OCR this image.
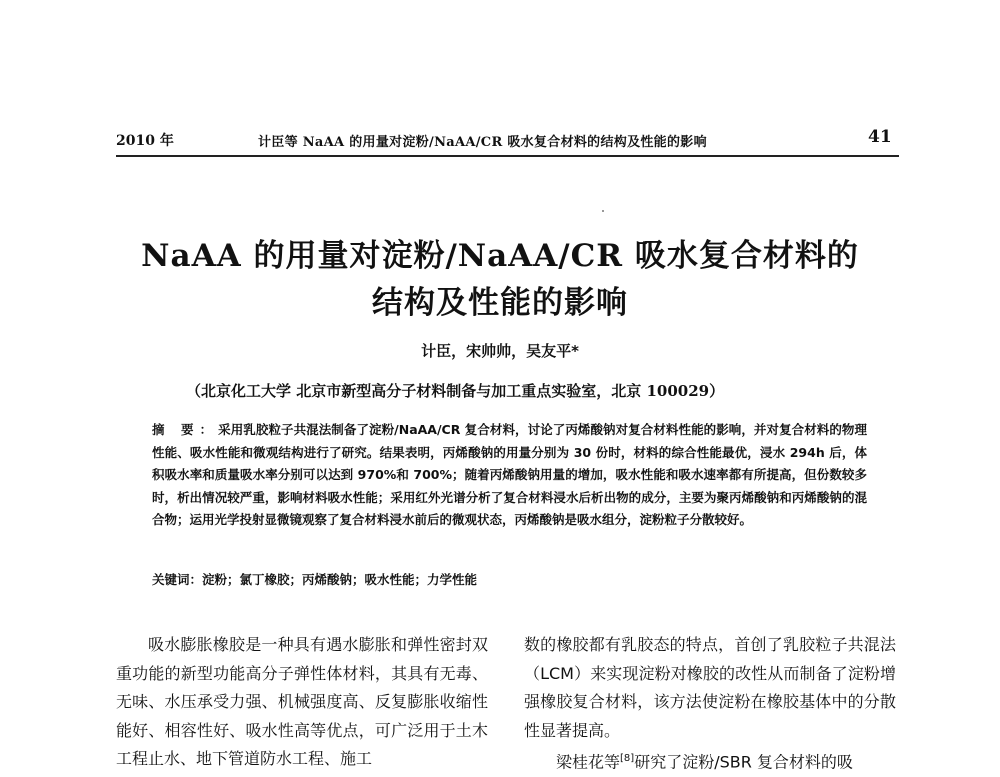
2010 年	计臣等 NaAA 的用量对淀粉/NaAA/CR 吸水复合材料的结构及性能的影响	41
NaAA 的用量对淀粉/NaAA/CR 吸水复合材料的
结构及性能的影响
计臣，宋帅帅，吴友平*
（北京化工大学 北京市新型高分子材料制备与加工重点实验室，北京 100029）
摘 要：采用乳胶粒子共混法制备了淀粉/NaAA/CR 复合材料，讨论了丙烯酸钠对复合材料性能的影响，并对复合材料的物理性能、吸水性能和微观结构进行了研究。结果表明，丙烯酸钠的用量分别为 30 份时，材料的综合性能最优，浸水 294h 后，体积吸水率和质量吸水率分别可以达到 970%和 700%；随着丙烯酸钠用量的增加，吸水性能和吸水速率都有所提高，但份数较多时，析出情况较严重，影响材料吸水性能；采用红外光谱分析了复合材料浸水后析出物的成分，主要为聚丙烯酸钠和丙烯酸钠的混合物；运用光学投射显微镜观察了复合材料浸水前后的微观状态，丙烯酸钠是吸水组分，淀粉粒子分散较好。
关键词：淀粉；氯丁橡胶；丙烯酸钠；吸水性能；力学性能
吸水膨胀橡胶是一种具有遇水膨胀和弹性密封双重功能的新型功能高分子弹性体材料，其具有无毒、无味、水压承受力强、机械强度高、反复膨胀收缩性能好、相容性好、吸水性高等优点，可广泛用于土木工程止水、地下管道防水工程、施工
数的橡胶都有乳胶态的特点，首创了乳胶粒子共混法（LCM）来实现淀粉对橡胶的改性从而制备了淀粉增强橡胶复合材料，该方法使淀粉在橡胶基体中的分散性显著提高。
梁桂花等[8]研究了淀粉/SBR 复合材料的吸
